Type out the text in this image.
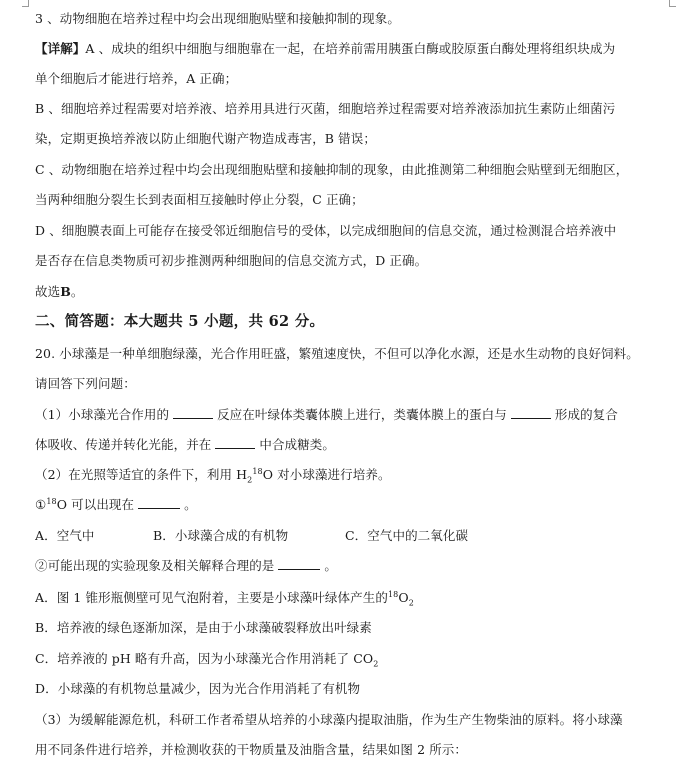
3 、动物细胞在培养过程中均会出现细胞贴壁和接触抑制的现象。
【详解】A 、成块的组织中细胞与细胞靠在一起，在培养前需用胰蛋白酶或胶原蛋白酶处理将组织块成为
单个细胞后才能进行培养，A 正确；
B 、细胞培养过程需要对培养液、培养用具进行灭菌，细胞培养过程需要对培养液添加抗生素防止细菌污
染，定期更换培养液以防止细胞代谢产物造成毒害，B 错误；
C 、动物细胞在培养过程中均会出现细胞贴壁和接触抑制的现象，由此推测第二种细胞会贴壁到无细胞区，
当两种细胞分裂生长到表面相互接触时停止分裂，C 正确；
D 、细胞膜表面上可能存在接受邻近细胞信号的受体，以完成细胞间的信息交流，通过检测混合培养液中
是否存在信息类物质可初步推测两种细胞间的信息交流方式，D 正确。
故选B。
二、简答题：本大题共 5 小题，共 62 分。
20. 小球藻是一种单细胞绿藻，光合作用旺盛，繁殖速度快，不但可以净化水源，还是水生动物的良好饲料。
请回答下列问题：
（1）小球藻光合作用的	反应在叶绿体类囊体膜上进行，类囊体膜上的蛋白与	形成的复合
体吸收、传递并转化光能，并在	中合成糖类。
（2）在光照等适宜的条件下，利用 $H_2^{18}O$ 对小球藻进行培养。
①$^{18}$O 可以出现在	。
A．空气中	B．小球藻合成的有机物	C．空气中的二氧化碳
②可能出现的实验现象及相关解释合理的是	。
A．图 1 锥形瓶侧壁可见气泡附着，主要是小球藻叶绿体产生的$^{18}O_2$
B．培养液的绿色逐渐加深，是由于小球藻破裂释放出叶绿素
C．培养液的 pH 略有升高，因为小球藻光合作用消耗了 $CO_2$
D．小球藻的有机物总量减少，因为光合作用消耗了有机物
（3）为缓解能源危机，科研工作者希望从培养的小球藻内提取油脂，作为生产生物柴油的原料。将小球藻
用不同条件进行培养，并检测收获的干物质量及油脂含量，结果如图 2 所示：
